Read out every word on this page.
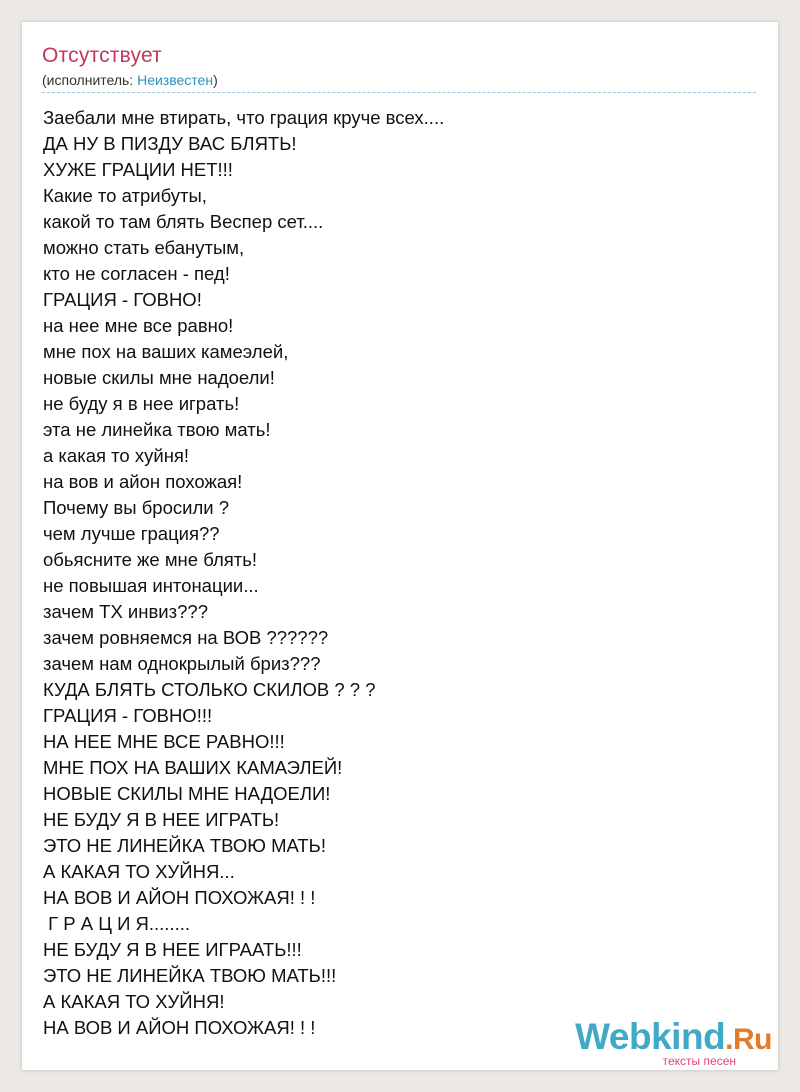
Отсутствует
(исполнитель: Неизвестен)
Заебали мне втирать, что грация круче всех....
ДА НУ В ПИЗДУ ВАС БЛЯТЬ!
ХУЖЕ ГРАЦИИ НЕТ!!!
Какие то атрибуты,
какой то там блять Веспер сет....
можно стать ебанутым,
кто не согласен - пед!
ГРАЦИЯ - ГОВНО!
на нее мне все равно!
мне пох на ваших камеэлей,
новые скилы мне надоели!
не буду я в нее играть!
эта не линейка твою мать!
а какая то хуйня!
на вов и айон похожая!
Почему вы бросили ?
чем лучше грация??
обьясните же мне блять!
не повышая интонации...
зачем ТХ инвиз???
зачем ровняемся на ВОВ ??????
зачем нам однокрылый бриз???
КУДА БЛЯТЬ СТОЛЬКО СКИЛОВ ? ? ?
ГРАЦИЯ - ГОВНО!!!
НА НЕЕ МНЕ ВСЕ РАВНО!!!
МНЕ ПОХ НА ВАШИХ КАМАЭЛЕЙ!
НОВЫЕ СКИЛЫ МНЕ НАДОЕЛИ!
НЕ БУДУ Я В НЕЕ ИГРАТЬ!
ЭТО НЕ ЛИНЕЙКА ТВОЮ МАТЬ!
А КАКАЯ ТО ХУЙНЯ...
НА ВОВ И АЙОН ПОХОЖАЯ! ! !
Г Р А Ц И Я........
НЕ БУДУ Я В НЕЕ ИГРААТЬ!!!
ЭТО НЕ ЛИНЕЙКА ТВОЮ МАТЬ!!!
А КАКАЯ ТО ХУЙНЯ!
НА ВОВ И АЙОН ПОХОЖАЯ! ! !	Webkind.Ru
тексты песен
